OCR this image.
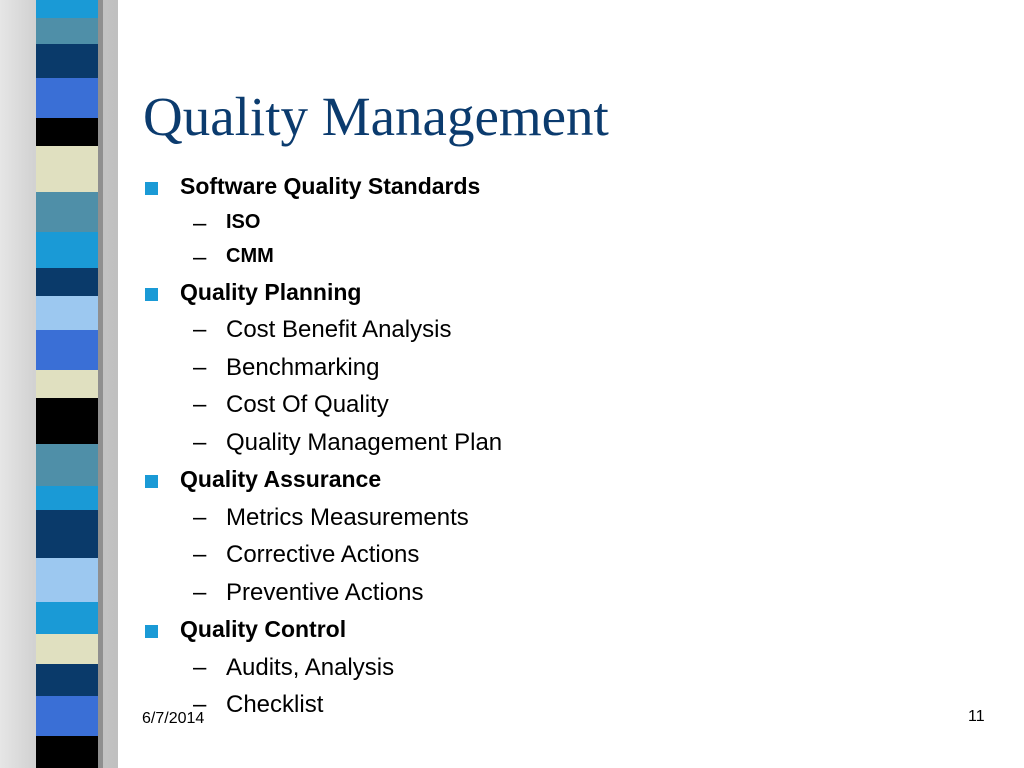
Quality Management
Software Quality Standards
– ISO
– CMM
Quality Planning
– Cost Benefit Analysis
– Benchmarking
– Cost Of Quality
– Quality Management Plan
Quality Assurance
– Metrics Measurements
– Corrective Actions
– Preventive Actions
Quality Control
– Audits, Analysis
– Checklist
6/7/2014	11
